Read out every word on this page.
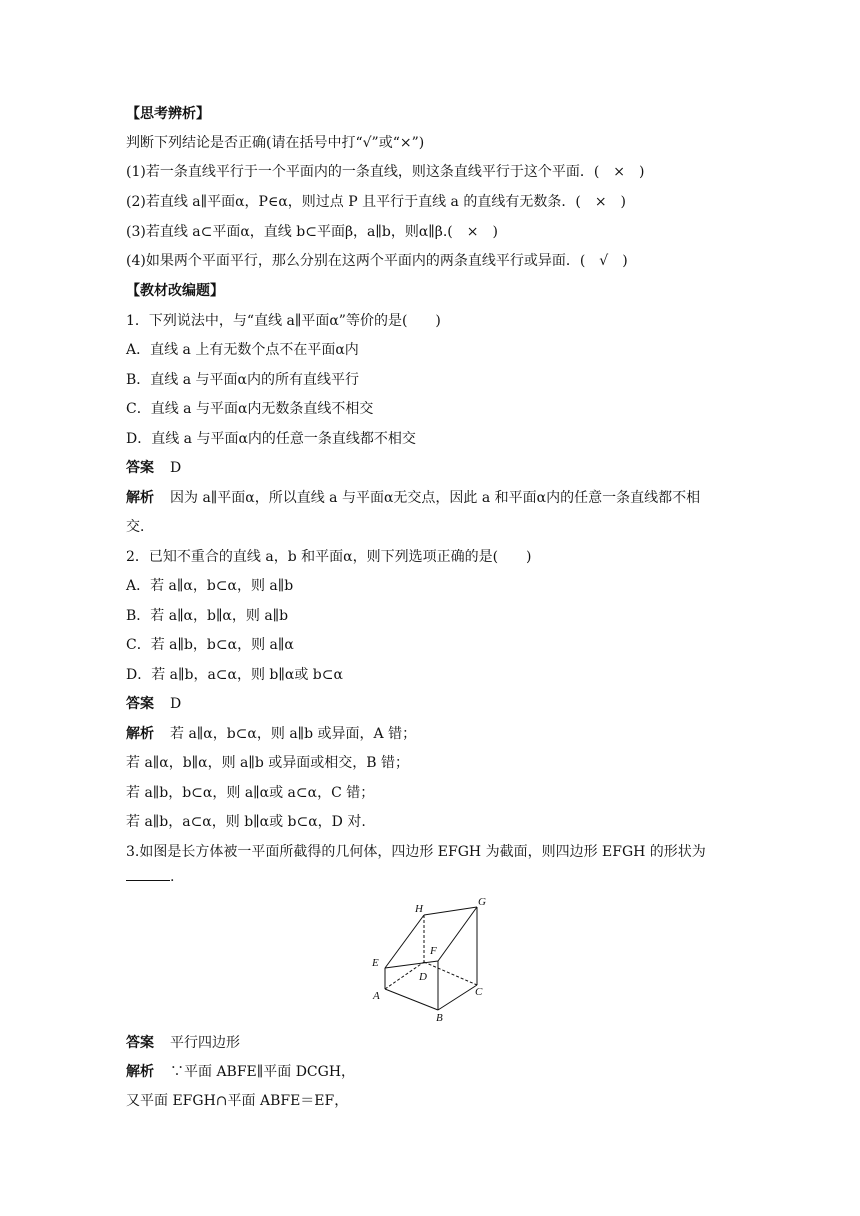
【思考辨析】
判断下列结论是否正确(请在括号中打“√”或“×”)
(1)若一条直线平行于一个平面内的一条直线，则这条直线平行于这个平面．(　×　)
(2)若直线 a∥平面α，P∈α，则过点 P 且平行于直线 a 的直线有无数条．(　×　)
(3)若直线 a⊂平面α，直线 b⊂平面β，a∥b，则α∥β.(　×　)
(4)如果两个平面平行，那么分别在这两个平面内的两条直线平行或异面．(　√　)
【教材改编题】
1．下列说法中，与“直线 a∥平面α”等价的是(　　)
A．直线 a 上有无数个点不在平面α内
B．直线 a 与平面α内的所有直线平行
C．直线 a 与平面α内无数条直线不相交
D．直线 a 与平面α内的任意一条直线都不相交
答案 D
解析 因为 a∥平面α，所以直线 a 与平面α无交点，因此 a 和平面α内的任意一条直线都不相
交．
2．已知不重合的直线 a，b 和平面α，则下列选项正确的是(　　)
A．若 a∥α，b⊂α，则 a∥b
B．若 a∥α，b∥α，则 a∥b
C．若 a∥b，b⊂α，则 a∥α
D．若 a∥b，a⊂α，则 b∥α或 b⊂α
答案 D
解析 若 a∥α，b⊂α，则 a∥b 或异面，A 错；
若 a∥α，b∥α，则 a∥b 或异面或相交，B 错；
若 a∥b，b⊂α，则 a∥α或 a⊂α，C 错；
若 a∥b，a⊂α，则 b∥α或 b⊂α，D 对.
3.如图是长方体被一平面所截得的几何体，四边形 EFGH 为截面，则四边形 EFGH 的形状为
.
H
G
F
E
D
A	C
B
答案 平行四边形
解析 ∵平面 ABFE∥平面 DCGH，
又平面 EFGH∩平面 ABFE＝EF，
